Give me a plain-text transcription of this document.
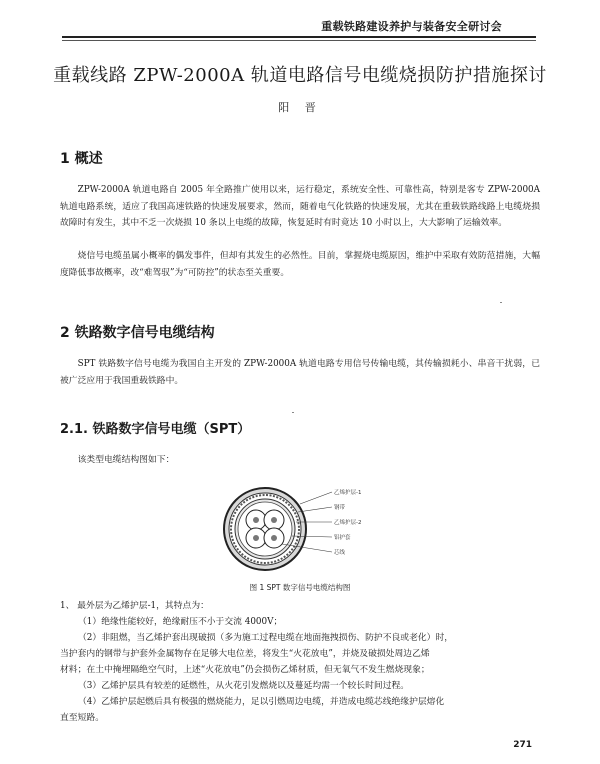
重载铁路建设养护与装备安全研讨会
重载线路 ZPW-2000A 轨道电路信号电缆烧损防护措施探讨
阳 晋
1 概述
ZPW-2000A 轨道电路自 2005 年全路推广使用以来，运行稳定，系统安全性、可靠性高，特别是客专 ZPW-2000A 轨道电路系统，适应了我国高速铁路的快速发展要求，然而，随着电气化铁路的快速发展，尤其在重载铁路线路上电缆烧损故障时有发生，其中不乏一次烧损 10 条以上电缆的故障，恢复延时有时竟达 10 小时以上，大大影响了运输效率。
烧信号电缆虽属小概率的偶发事件，但却有其发生的必然性。目前，掌握烧电缆原因，维护中采取有效防范措施，大幅度降低事故概率，改“难驾驭”为“可防控”的状态至关重要。
2 铁路数字信号电缆结构
SPT 铁路数字信号电缆为我国自主开发的 ZPW-2000A 轨道电路专用信号传输电缆，其传输损耗小、串音干扰弱，已被广泛应用于我国重载铁路中。
2.1. 铁路数字信号电缆（SPT）
该类型电缆结构图如下：
乙烯护层-1
钢带
乙烯护层-2
铝护套
芯线
图 1 SPT 数字信号电缆结构图
1、 最外层为乙烯护层-1，其特点为：
（1）绝缘性能较好，绝缘耐压不小于交流 4000V；
（2）非阻燃，当乙烯护套出现破损（多为施工过程电缆在地面拖拽损伤、防护不良或老化）时，
当护套内的钢带与护套外金属物存在足够大电位差，将发生“火花放电”，并烧及破损处周边乙烯
材料；在土中掩埋隔绝空气时，上述“火花放电”仍会损伤乙烯材质，但无氧气不发生燃烧现象；
（3）乙烯护层具有较差的延燃性，从火花引发燃烧以及蔓延均需一个较长时间过程。
（4）乙烯护层起燃后具有极强的燃烧能力，足以引燃周边电缆，并造成电缆芯线绝缘护层熔化
直至短路。
271
